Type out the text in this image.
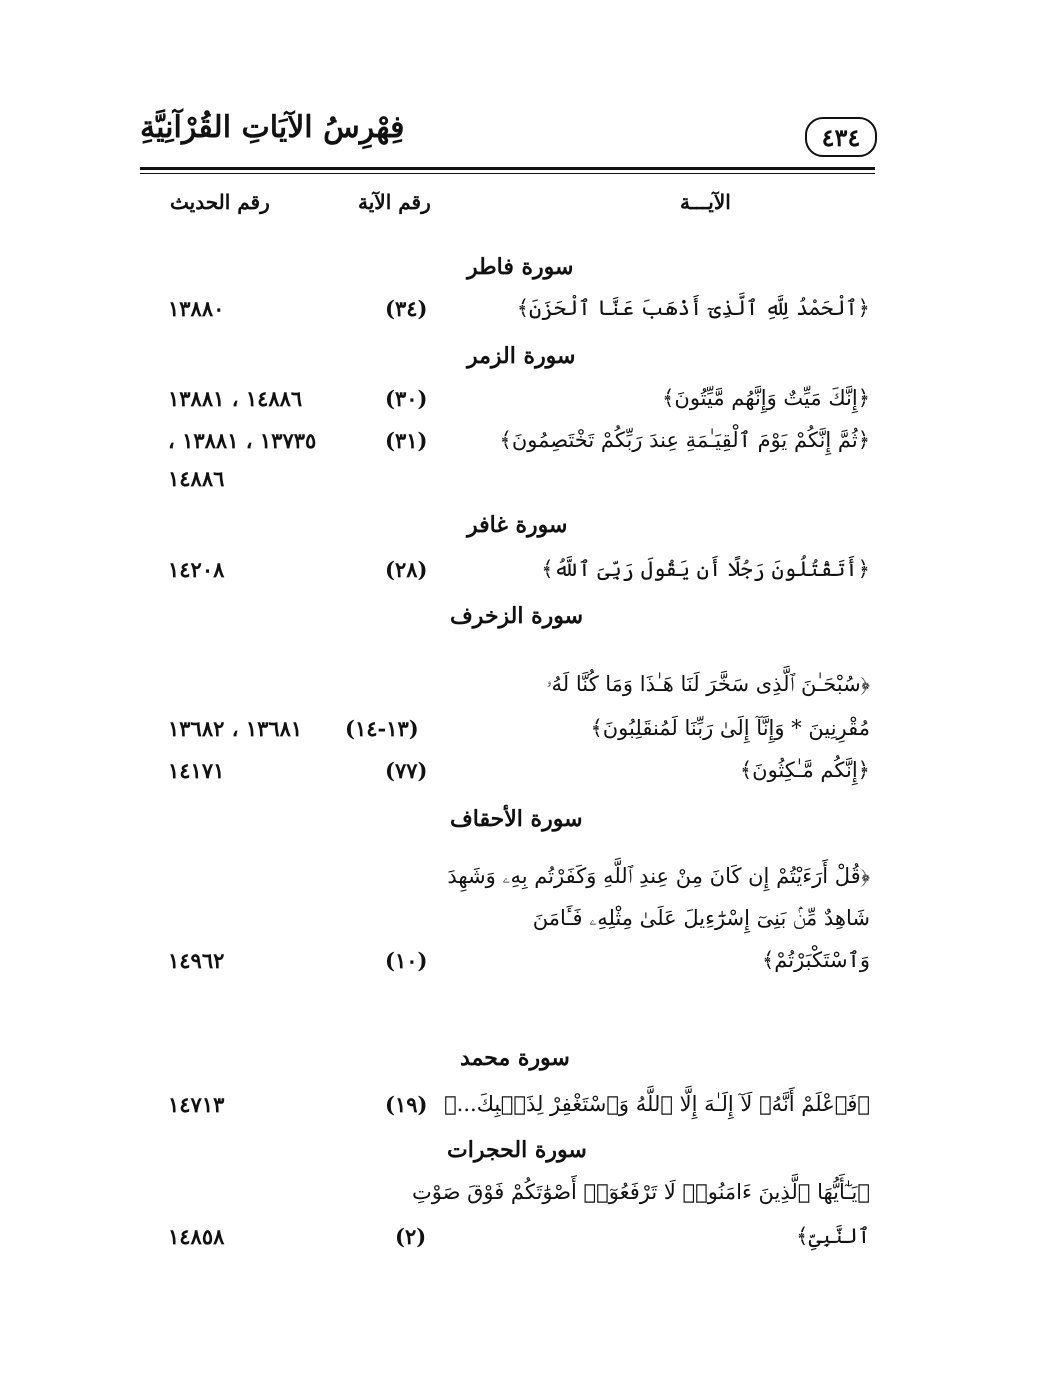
فِهْرِسُ الآيَاتِ القُرْآنِيَّةِ	٤٣٤
الآيـــة
رقم الآية
رقم الحديث
سورة فاطر
﴿ٱلْحَمْدُ لِلَّهِ ٱلَّذِىٓ أَذْهَبَ عَنَّا ٱلْحَزَنَ﴾
(٣٤)
١٣٨٨٠
سورة الزمر
﴿إِنَّكَ مَيِّتٌ وَإِنَّهُم مَّيِّتُونَ﴾
(٣٠)
١٤٨٨٦ ، ١٣٨٨١
﴿ثُمَّ إِنَّكُمْ يَوْمَ ٱلْقِيَـٰمَةِ عِندَ رَبِّكُمْ تَخْتَصِمُونَ﴾
(٣١)
١٣٧٣٥ ، ١٣٨٨١ ،
١٤٨٨٦
سورة غافر
﴿أَتَقْتُلُونَ رَجُلًا أَن يَقُولَ رَبِّىَ ٱللَّهُ﴾
(٢٨)
١٤٢٠٨
سورة الزخرف
﴿سُبْحَـٰنَ ٱلَّذِى سَخَّرَ لَنَا هَـٰذَا وَمَا كُنَّا لَهُۥ
مُقْرِنِينَ * وَإِنَّآ إِلَىٰ رَبِّنَا لَمُنقَلِبُونَ﴾
(١٣-١٤)
١٣٦٨١ ، ١٣٦٨٢
﴿إِنَّكُم مَّـٰكِثُونَ﴾
(٧٧)
١٤١٧١
سورة الأحقاف
﴿قُلْ أَرَءَيْتُمْ إِن كَانَ مِنْ عِندِ ٱللَّهِ وَكَفَرْتُم بِهِۦ وَشَهِدَ
شَاهِدٌ مِّنۢ بَنِىٓ إِسْرَٰٓءِيلَ عَلَىٰ مِثْلِهِۦ فَـَٔامَنَ
وَٱسْتَكْبَرْتُمْ﴾
(١٠)
١٤٩٦٢
سورة محمد
﴿فَٱعْلَمْ أَنَّهُۥ لَآ إِلَـٰهَ إِلَّا ٱللَّهُ وَٱسْتَغْفِرْ لِذَنۢبِكَ...﴾
(١٩)
١٤٧١٣
سورة الحجرات
﴿يَـٰٓأَيُّهَا ٱلَّذِينَ ءَامَنُوا۟ لَا تَرْفَعُوٓا۟ أَصْوَٰتَكُمْ فَوْقَ صَوْتِ
ٱلنَّبِىِّ﴾
(٢)
١٤٨٥٨
